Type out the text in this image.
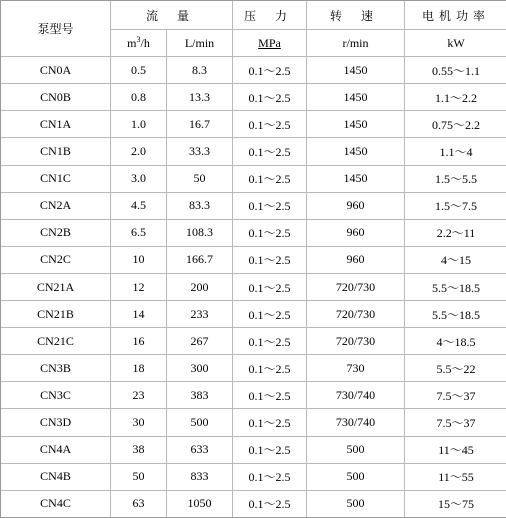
泵型号	流 量		压 力	转 速	电机功率
	$m^3/h$	L/min	MPa	r/min	kW
CN0A	0.5	8.3	0.1～2.5	1450	0.55～1.1
CN0B	0.8	13.3	0.1～2.5	1450	1.1～2.2
CN1A	1.0	16.7	0.1～2.5	1450	0.75～2.2
CN1B	2.0	33.3	0.1～2.5	1450	1.1～4
CN1C	3.0	50	0.1～2.5	1450	1.5～5.5
CN2A	4.5	83.3	0.1～2.5	960	1.5～7.5
CN2B	6.5	108.3	0.1～2.5	960	2.2～11
CN2C	10	166.7	0.1～2.5	960	4～15
CN21A	12	200	0.1～2.5	720/730	5.5～18.5
CN21B	14	233	0.1～2.5	720/730	5.5～18.5
CN21C	16	267	0.1～2.5	720/730	4～18.5
CN3B	18	300	0.1～2.5	730	5.5～22
CN3C	23	383	0.1～2.5	730/740	7.5～37
CN3D	30	500	0.1～2.5	730/740	7.5～37
CN4A	38	633	0.1～2.5	500	11～45
CN4B	50	833	0.1～2.5	500	11～55
CN4C	63	1050	0.1～2.5	500	15～75
